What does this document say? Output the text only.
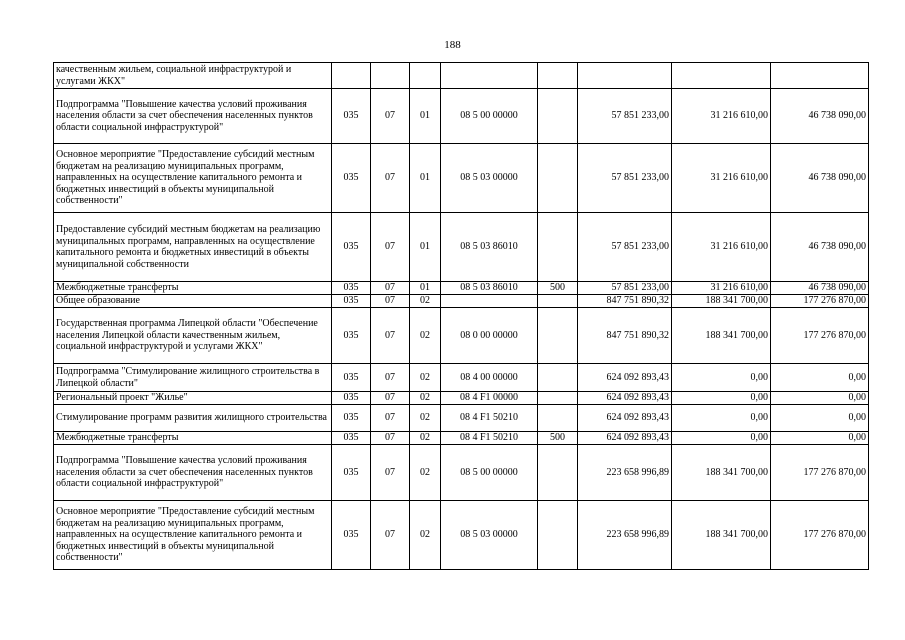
188
качественным жильем, социальной инфраструктурой и услугами ЖКХ"								
Подпрограмма "Повышение качества условий проживания населения области за счет обеспечения населенных пунктов области социальной инфраструктурой"	035	07	01	08 5 00 00000		57 851 233,00	31 216 610,00	46 738 090,00
Основное мероприятие "Предоставление субсидий местным бюджетам на реализацию муниципальных программ, направленных на осуществление капитального ремонта и бюджетных инвестиций в объекты муниципальной собственности"	035	07	01	08 5 03 00000		57 851 233,00	31 216 610,00	46 738 090,00
Предоставление субсидий местным бюджетам на реализацию муниципальных программ, направленных на осуществление капитального ремонта и бюджетных инвестиций в объекты муниципальной собственности	035	07	01	08 5 03 86010		57 851 233,00	31 216 610,00	46 738 090,00
Межбюджетные трансферты	035	07	01	08 5 03 86010	500	57 851 233,00	31 216 610,00	46 738 090,00
Общее образование	035	07	02			847 751 890,32	188 341 700,00	177 276 870,00
Государственная программа Липецкой области "Обеспечение населения Липецкой области качественным жильем, социальной инфраструктурой и услугами ЖКХ"	035	07	02	08 0 00 00000		847 751 890,32	188 341 700,00	177 276 870,00
Подпрограмма "Стимулирование жилищного строительства в Липецкой области"	035	07	02	08 4 00 00000		624 092 893,43	0,00	0,00
Региональный проект "Жилье"	035	07	02	08 4 F1 00000		624 092 893,43	0,00	0,00
Стимулирование программ развития жилищного строительства	035	07	02	08 4 F1 50210		624 092 893,43	0,00	0,00
Межбюджетные трансферты	035	07	02	08 4 F1 50210	500	624 092 893,43	0,00	0,00
Подпрограмма "Повышение качества условий проживания населения области за счет обеспечения населенных пунктов области социальной инфраструктурой"	035	07	02	08 5 00 00000		223 658 996,89	188 341 700,00	177 276 870,00
Основное мероприятие "Предоставление субсидий местным бюджетам на реализацию муниципальных программ, направленных на осуществление капитального ремонта и бюджетных инвестиций в объекты муниципальной собственности"	035	07	02	08 5 03 00000		223 658 996,89	188 341 700,00	177 276 870,00
